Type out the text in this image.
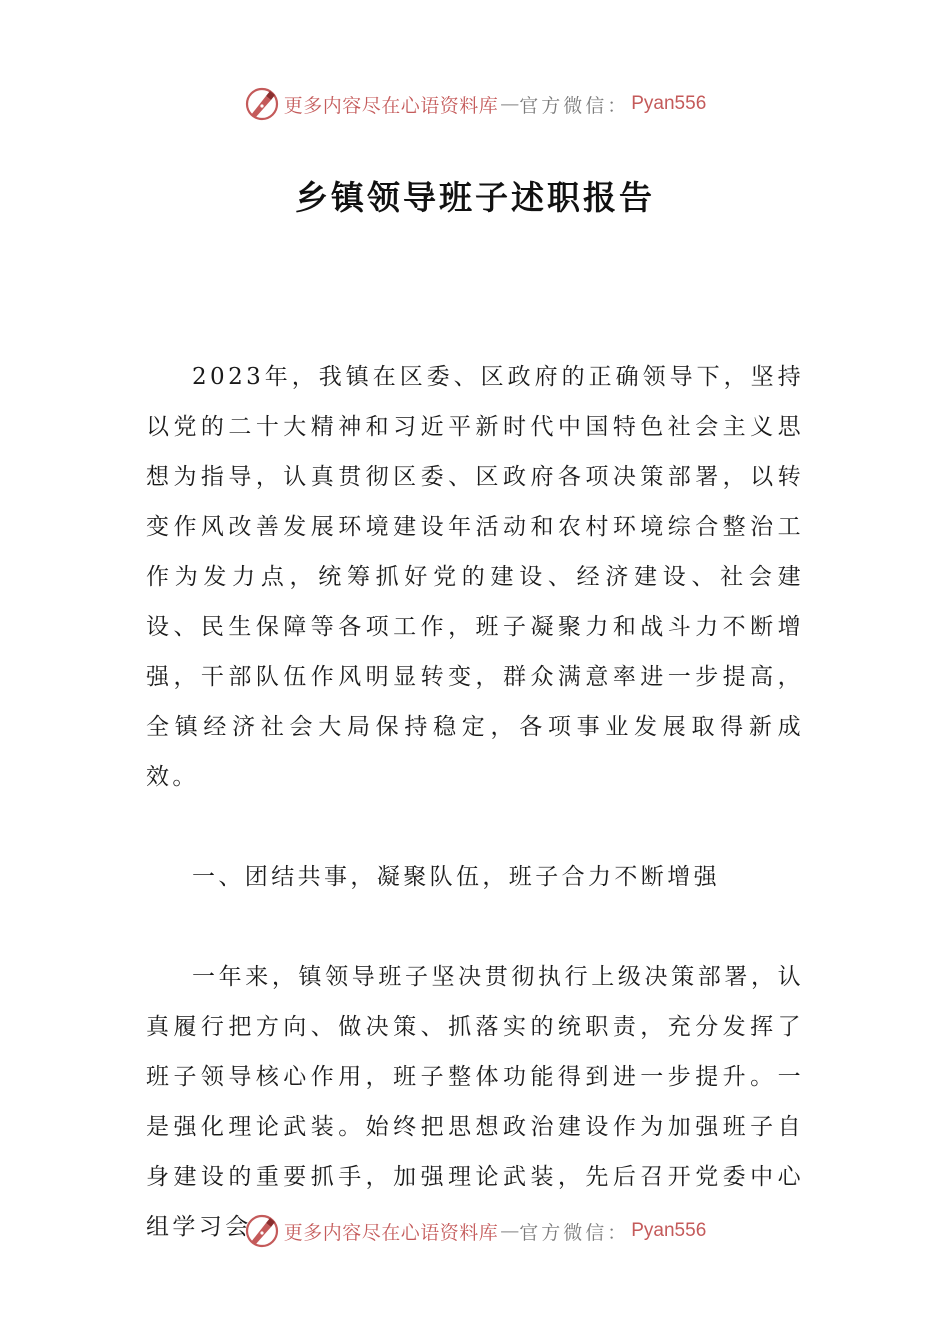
更多内容尽在心语资料库 — 官方微信： Pyan556
乡镇领导班子述职报告

2023年，我镇在区委、区政府的正确领导下，坚持以党的二十大精神和习近平新时代中国特色社会主义思想为指导，认真贯彻区委、区政府各项决策部署，以转变作风改善发展环境建设年活动和农村环境综合整治工作为发力点，统筹抓好党的建设、经济建设、社会建设、民生保障等各项工作，班子凝聚力和战斗力不断增强，干部队伍作风明显转变，群众满意率进一步提高，全镇经济社会大局保持稳定，各项事业发展取得新成效。

一、团结共事，凝聚队伍，班子合力不断增强

一年来，镇领导班子坚决贯彻执行上级决策部署，认真履行把方向、做决策、抓落实的统职责，充分发挥了班子领导核心作用，班子整体功能得到进一步提升。一是强化理论武装。始终把思想政治建设作为加强班子自身建设的重要抓手，加强理论武装，先后召开党委中心组学习会	更多内容尽在心语资料库 — 官方微信： Pyan556
